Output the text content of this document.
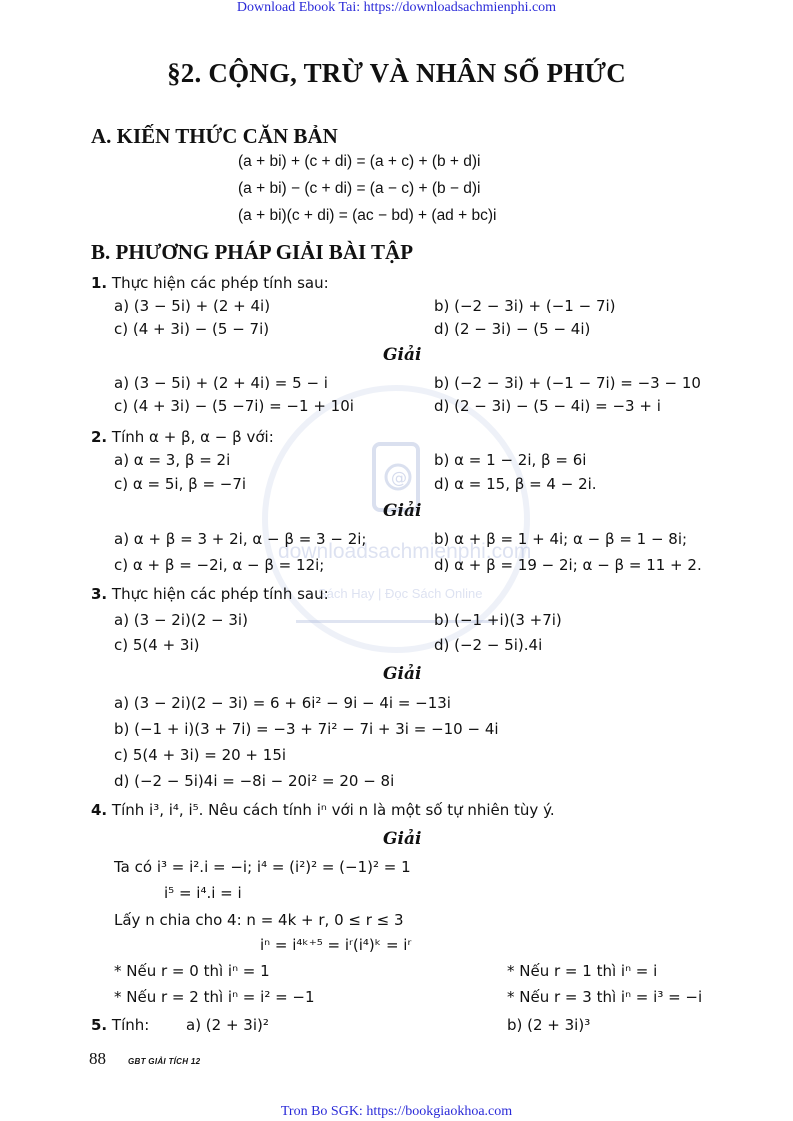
@
downloadsachmienphi.com
Sách Hay | Đọc Sách Online
Download Ebook Tai: https://downloadsachmienphi.com
§2. CỘNG, TRỪ VÀ NHÂN SỐ PHỨC
A. KIẾN THỨC CĂN BẢN
(a + bi) + (c + di) = (a + c) + (b + d)i
(a + bi) − (c + di) = (a − c) + (b − d)i
(a + bi)(c + di) = (ac − bd) + (ad + bc)i
B. PHƯƠNG PHÁP GIẢI BÀI TẬP
1. Thực hiện các phép tính sau:
a) (3 − 5i) + (2 + 4i)	b) (−2 − 3i) + (−1 − 7i)
c) (4 + 3i) − (5 − 7i)	d) (2 − 3i) − (5 − 4i)
Giải
a) (3 − 5i) + (2 + 4i) = 5 − i	b) (−2 − 3i) + (−1 − 7i) = −3 − 10
c) (4 + 3i) − (5 −7i) = −1 + 10i	d) (2 − 3i) − (5 − 4i) = −3 + i
2. Tính α + β, α − β với:
a) α = 3, β = 2i	b) α = 1 − 2i, β = 6i
c) α = 5i, β = −7i	d) α = 15, β = 4 − 2i.
Giải
a) α + β = 3 + 2i, α − β = 3 − 2i;	b) α + β = 1 + 4i; α − β = 1 − 8i;
c) α + β = −2i, α − β = 12i;	d) α + β = 19 − 2i; α − β = 11 + 2.
3. Thực hiện các phép tính sau:
a) (3 − 2i)(2 − 3i)	b) (−1 +i)(3 +7i)
c) 5(4 + 3i)	d) (−2 − 5i).4i
Giải
a) (3 − 2i)(2 − 3i) = 6 + 6i² − 9i − 4i = −13i
b) (−1 + i)(3 + 7i) = −3 + 7i² − 7i + 3i = −10 − 4i
c) 5(4 + 3i) = 20 + 15i
d) (−2 − 5i)4i = −8i − 20i² = 20 − 8i
4. Tính i³, i⁴, i⁵. Nêu cách tính iⁿ với n là một số tự nhiên tùy ý.
Giải
Ta có i³ = i².i = −i; i⁴ = (i²)² = (−1)² = 1
i⁵ = i⁴.i = i
Lấy n chia cho 4: n = 4k + r, 0 ≤ r ≤ 3
iⁿ = i⁴ᵏ⁺⁵ = iʳ(i⁴)ᵏ = iʳ
* Nếu r = 0 thì iⁿ = 1	* Nếu r = 1 thì iⁿ = i
* Nếu r = 2 thì iⁿ = i² = −1	* Nếu r = 3 thì iⁿ = i³ = −i
5. Tính: a) (2 + 3i)²	b) (2 + 3i)³
88	GBT GIẢI TÍCH 12
Tron Bo SGK: https://bookgiaokhoa.com
